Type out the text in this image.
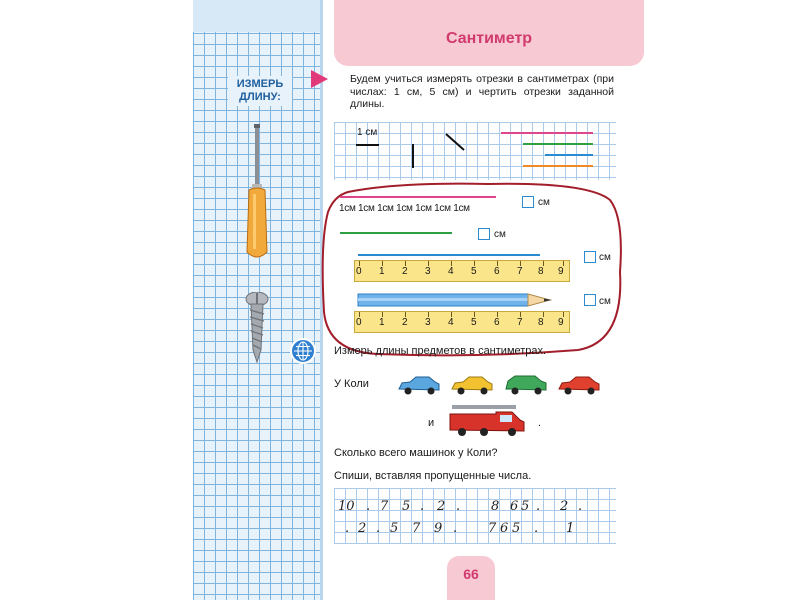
ИЗМЕРЬ
ДЛИНУ:
Сантиметр
Будем учиться измерять отрезки в сантиметрах (при числах: 1 см, 5 см) и чертить отрезки заданной длины.
1 см
1см 1см 1см 1см 1см 1см 1см
см
см
см
0 1 2 3 4 5 6 7 8 9
см
0 1 2 3 4 5 6 7 8 9
Измерь длины предметов в сантиметрах.
У Коли
и	.
Сколько всего машинок у Коли?
Спиши, вставляя пропущенные числа.
10 . 7 5 . 2 . 8 6 5 . 2 .
. 2 . 5 7 9 . 7 6 5 . 1
66
